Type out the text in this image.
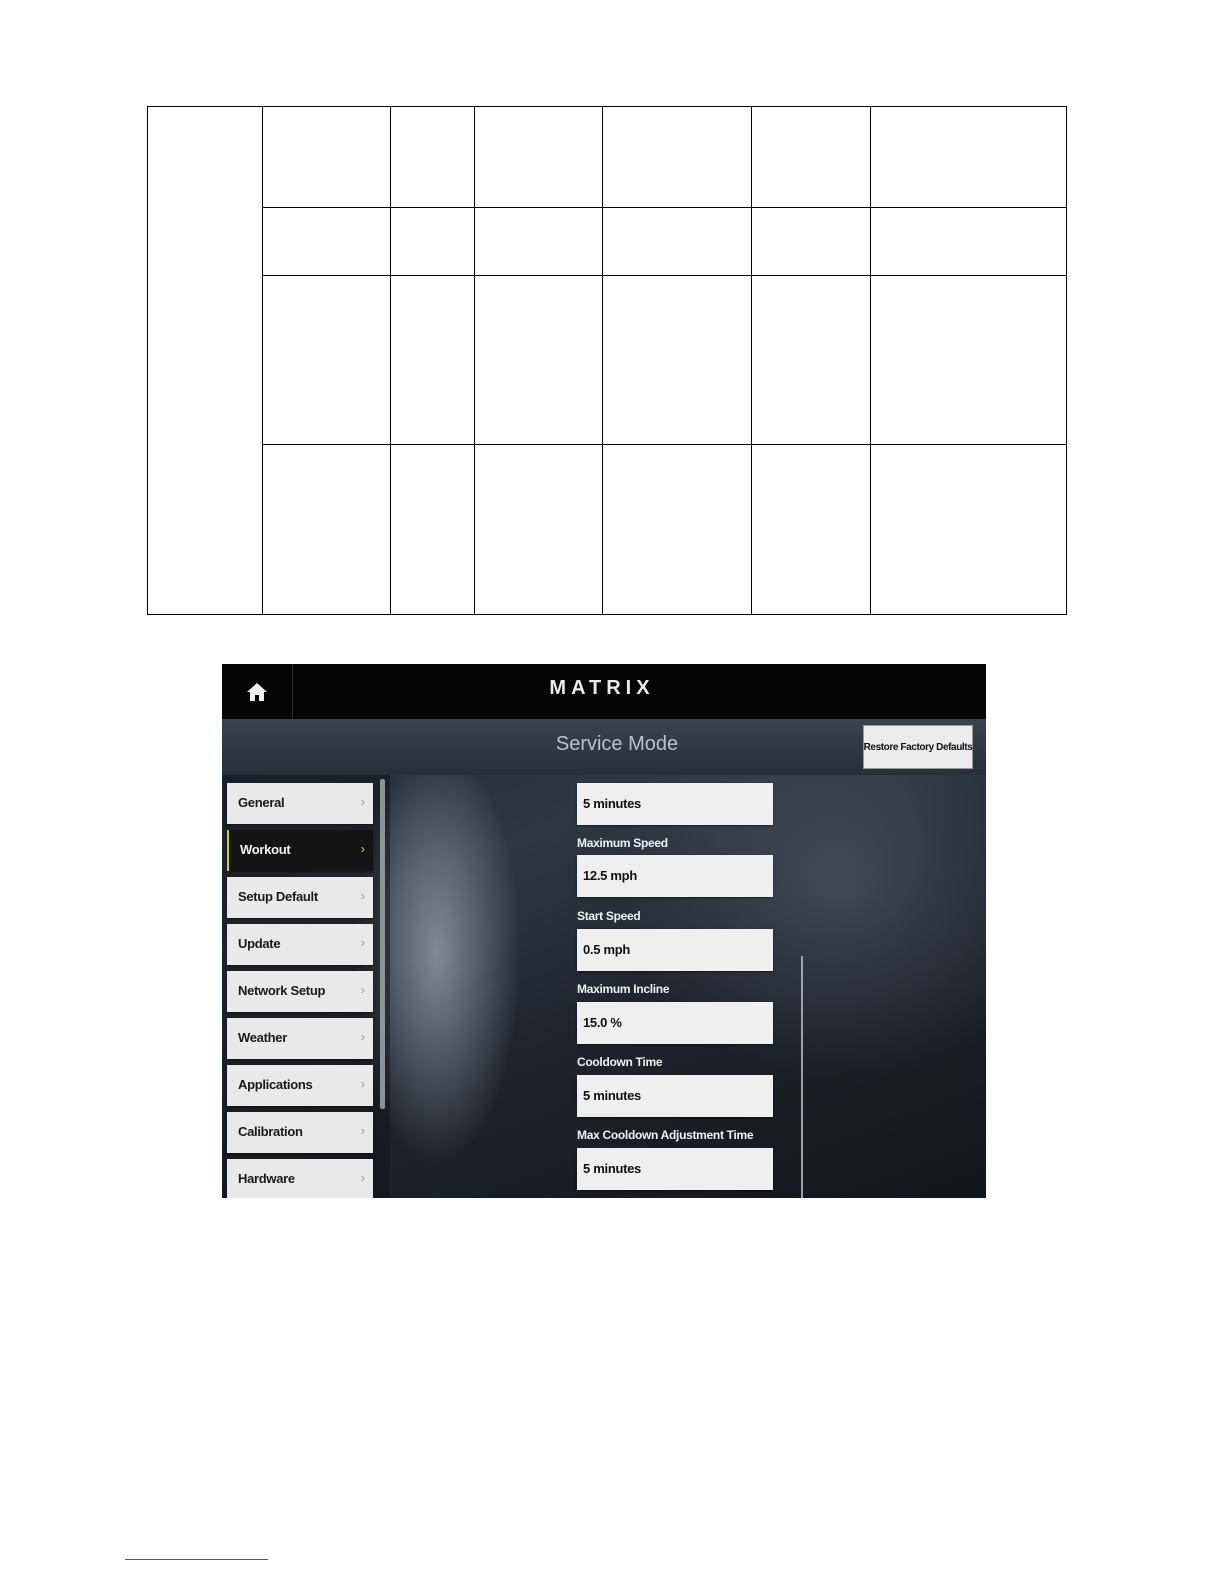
MATRIX
Service Mode	Restore Factory Defaults
General	›
Workout	›
Setup Default	›
Update	›
Network Setup	›
Weather	›
Applications	›
Calibration	›
Hardware	›
5 minutes
Maximum Speed
12.5 mph
Start Speed
0.5 mph
Maximum Incline
15.0 %
Cooldown Time
5 minutes
Max Cooldown Adjustment Time
5 minutes
